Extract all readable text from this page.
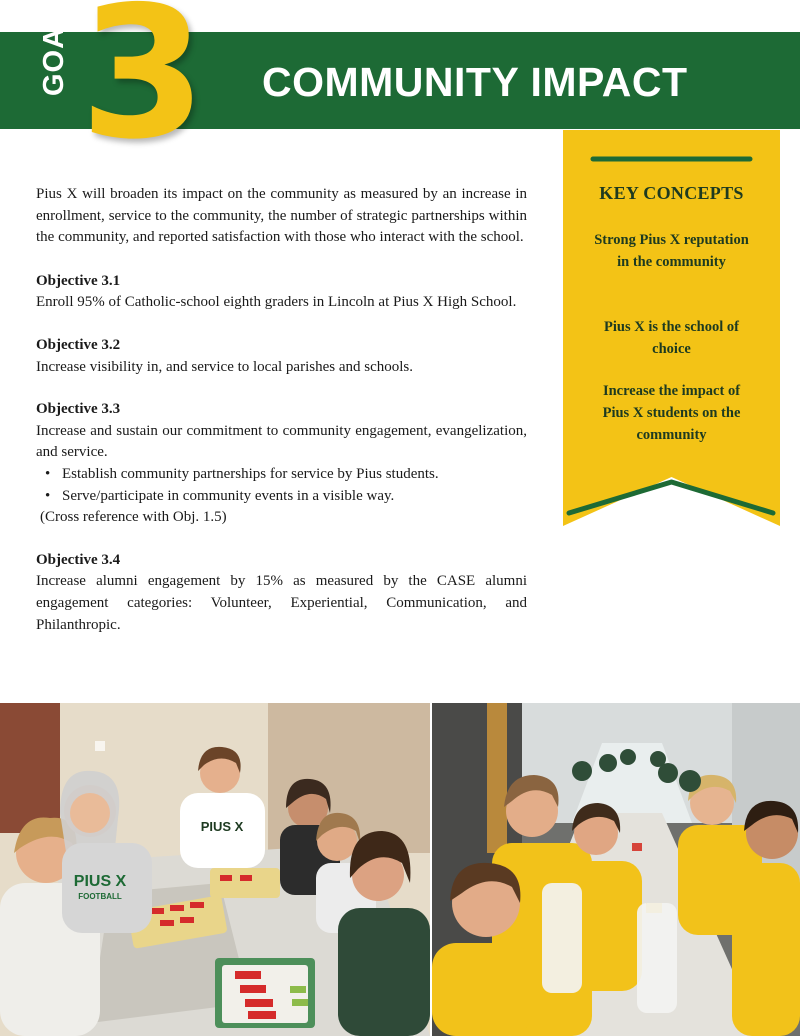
GOAL 3 COMMUNITY IMPACT

Pius X will broaden its impact on the community as measured by an increase in enrollment, service to the community, the number of strategic partnerships within the community, and reported satisfaction with those who interact with the school.

Objective 3.1

Enroll 95% of Catholic-school eighth graders in Lincoln at Pius X High School.

Objective 3.2

Increase visibility in, and service to local parishes and schools.

Objective 3.3

Increase and sustain our commitment to community engagement, evangelization, and service.

• Establish community partnerships for service by Pius students.
• Serve/participate in community events in a visible way.

(Cross reference with Obj. 1.5)

Objective 3.4

Increase alumni engagement by 15% as measured by the CASE alumni engagement categories: Volunteer, Experiential, Communication, and Philanthropic.

KEY CONCEPTS
Strong Pius X reputation in the community
Pius X is the school of choice
Increase the impact of Pius X students on the community
PIUS X
PIUS X
FOOTBALL
